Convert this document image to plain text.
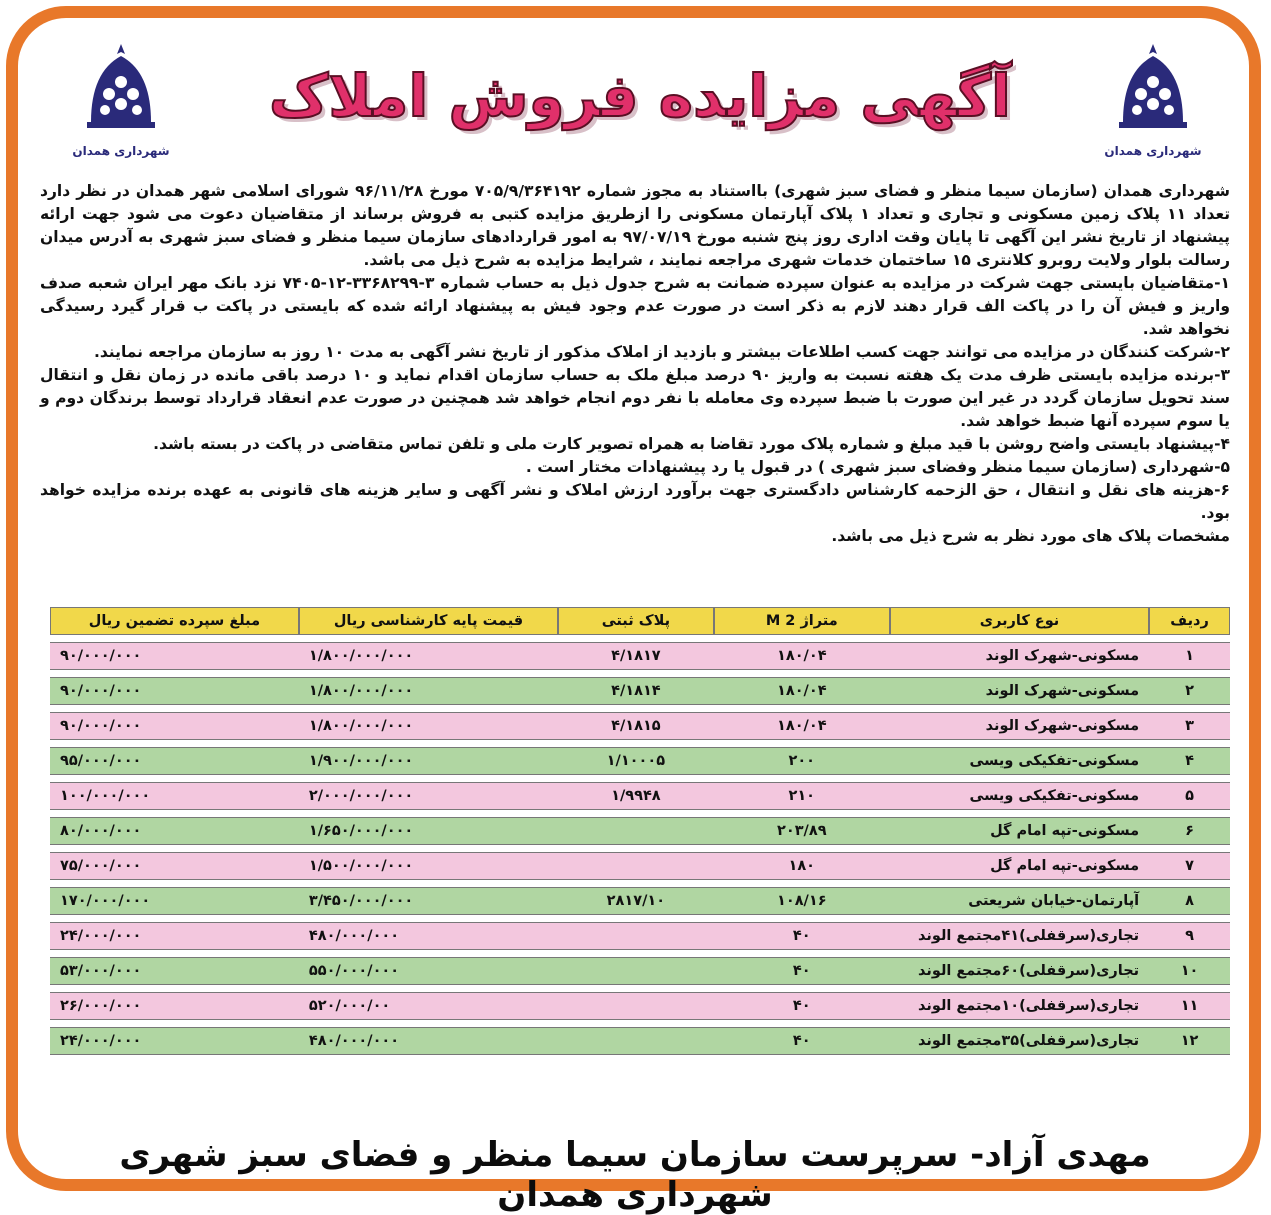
شهرداری همدان	شهرداری همدان
آگهی مزایده فروش املاک

شهرداری همدان (سازمان سیما منظر و فضای سبز شهری) بااستناد به مجوز شماره ۷۰۵/۹/۳۶۴۱۹۲ مورخ ۹۶/۱۱/۲۸ شورای اسلامی شهر همدان در نظر دارد تعداد ۱۱ پلاک زمین مسکونی و تجاری و تعداد ۱ پلاک آپارتمان مسکونی را ازطریق مزایده کتبی به فروش برساند از متقاضیان دعوت می شود جهت ارائه پیشنهاد از تاریخ نشر این آگهی تا پایان وقت اداری روز پنج شنبه مورخ ۹۷/۰۷/۱۹ به امور قراردادهای سازمان سیما منظر و فضای سبز شهری به آدرس میدان رسالت بلوار ولایت روبرو کلانتری ۱۵ ساختمان خدمات شهری مراجعه نمایند ، شرایط مزایده به شرح ذیل می باشد.

۱-متقاضیان بایستی جهت شرکت در مزایده به عنوان سپرده ضمانت به شرح جدول ذیل به حساب شماره ۳-۳۳۶۸۲۹۹-۱۲-۷۴۰۵ نزد بانک مهر ایران شعبه صدف واریز و فیش آن را در پاکت الف قرار دهند لازم به ذکر است در صورت عدم وجود فیش به پیشنهاد ارائه شده که بایستی در پاکت ب قرار گیرد رسیدگی نخواهد شد.

۲-شرکت کنندگان در مزایده می توانند جهت کسب اطلاعات بیشتر و بازدید از املاک مذکور از تاریخ نشر آگهی به مدت ۱۰ روز به سازمان مراجعه نمایند.

۳-برنده مزایده بایستی ظرف مدت یک هفته نسبت به واریز ۹۰ درصد مبلغ ملک به حساب سازمان اقدام نماید و ۱۰ درصد باقی مانده در زمان نقل و انتقال سند تحویل سازمان گردد در غیر این صورت با ضبط سپرده وی معامله با نفر دوم انجام خواهد شد همچنین در صورت عدم انعقاد قرارداد توسط برندگان دوم و یا سوم سپرده آنها ضبط خواهد شد.

۴-پیشنهاد بایستی واضح روشن با قید مبلغ و شماره پلاک مورد تقاضا به همراه تصویر کارت ملی و تلفن تماس متقاضی در پاکت در بسته باشد.

۵-شهرداری (سازمان سیما منظر وفضای سبز شهری ) در قبول یا رد پیشنهادات مختار است .

۶-هزینه های نقل و انتقال ، حق الزحمه کارشناس دادگستری جهت برآورد ارزش املاک و نشر آگهی و سایر هزینه های قانونی به عهده برنده مزایده خواهد بود.

مشخصات پلاک های مورد نظر به شرح ذیل می باشد.

ردیف	نوع کاربری	متراژ M 2	پلاک ثبتی	قیمت پایه کارشناسی ریال	مبلغ سپرده تضمین ریال
۱	مسکونی-شهرک الوند	۱۸۰/۰۴	۴/۱۸۱۷	۱/۸۰۰/۰۰۰/۰۰۰	۹۰/۰۰۰/۰۰۰
۲	مسکونی-شهرک الوند	۱۸۰/۰۴	۴/۱۸۱۴	۱/۸۰۰/۰۰۰/۰۰۰	۹۰/۰۰۰/۰۰۰
۳	مسکونی-شهرک الوند	۱۸۰/۰۴	۴/۱۸۱۵	۱/۸۰۰/۰۰۰/۰۰۰	۹۰/۰۰۰/۰۰۰
۴	مسکونی-تفکیکی ویسی	۲۰۰	۱/۱۰۰۰۵	۱/۹۰۰/۰۰۰/۰۰۰	۹۵/۰۰۰/۰۰۰
۵	مسکونی-تفکیکی ویسی	۲۱۰	۱/۹۹۴۸	۲/۰۰۰/۰۰۰/۰۰۰	۱۰۰/۰۰۰/۰۰۰
۶	مسکونی-تپه امام گل	۲۰۳/۸۹		۱/۶۵۰/۰۰۰/۰۰۰	۸۰/۰۰۰/۰۰۰
۷	مسکونی-تپه امام گل	۱۸۰		۱/۵۰۰/۰۰۰/۰۰۰	۷۵/۰۰۰/۰۰۰
۸	آپارتمان-خیابان شریعتی	۱۰۸/۱۶	۲۸۱۷/۱۰	۳/۴۵۰/۰۰۰/۰۰۰	۱۷۰/۰۰۰/۰۰۰
۹	تجاری(سرقفلی)۴۱مجتمع الوند	۴۰		۴۸۰/۰۰۰/۰۰۰	۲۴/۰۰۰/۰۰۰
۱۰	تجاری(سرقفلی)۶۰مجتمع الوند	۴۰		۵۵۰/۰۰۰/۰۰۰	۵۳/۰۰۰/۰۰۰
۱۱	تجاری(سرقفلی)۱۰مجتمع الوند	۴۰		۵۲۰/۰۰۰/۰۰	۲۶/۰۰۰/۰۰۰
۱۲	تجاری(سرقفلی)۳۵مجتمع الوند	۴۰		۴۸۰/۰۰۰/۰۰۰	۲۴/۰۰۰/۰۰۰
مهدی آزاد- سرپرست سازمان سیما منظر و فضای سبز شهری شهرداری همدان
